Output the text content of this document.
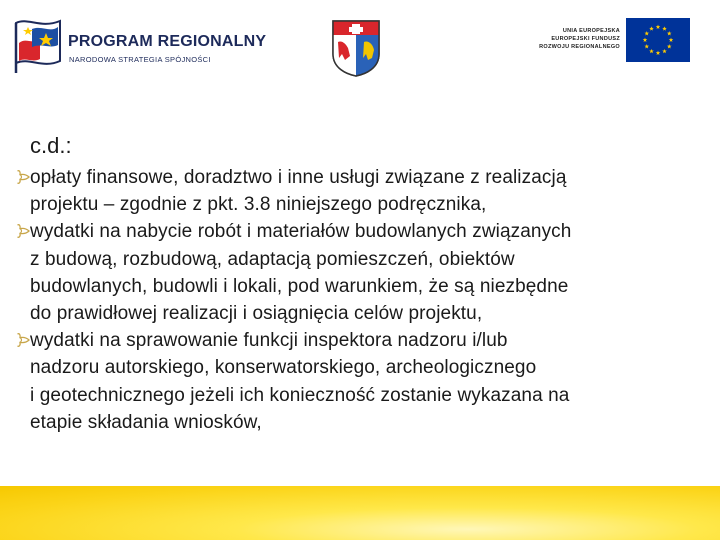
PROGRAM REGIONALNY
NARODOWA STRATEGIA SPÓJNOŚCI
UNIA EUROPEJSKA
EUROPEJSKI FUNDUSZ
ROZWOJU REGIONALNEGO
c.d.:
opłaty finansowe, doradztwo i inne usługi związane z realizacją
projektu – zgodnie z pkt. 3.8 niniejszego podręcznika,
wydatki na nabycie robót i materiałów budowlanych związanych
z budową, rozbudową, adaptacją pomieszczeń, obiektów
budowlanych, budowli i lokali, pod warunkiem, że są niezbędne
do prawidłowej realizacji i osiągnięcia celów projektu,
wydatki na sprawowanie funkcji inspektora nadzoru i/lub
nadzoru autorskiego, konserwatorskiego, archeologicznego
i geotechnicznego jeżeli ich konieczność zostanie wykazana na
etapie składania wniosków,
